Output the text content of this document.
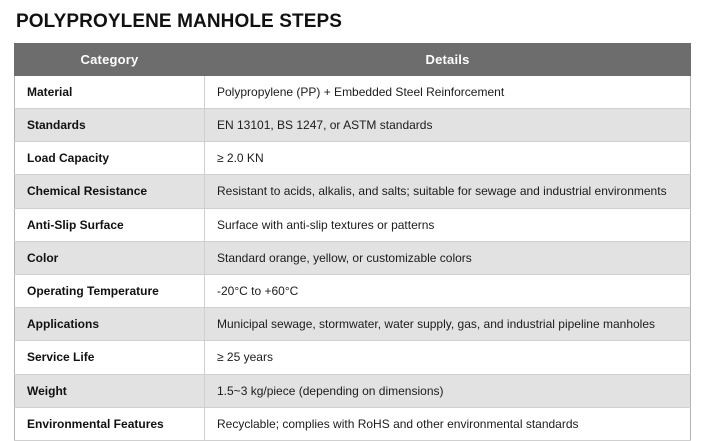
POLYPROYLENE MANHOLE STEPS
Category	Details
Material	Polypropylene (PP) + Embedded Steel Reinforcement
Standards	EN 13101, BS 1247, or ASTM standards
Load Capacity	≥ 2.0 KN
Chemical Resistance	Resistant to acids, alkalis, and salts; suitable for sewage and industrial environments
Anti-Slip Surface	Surface with anti-slip textures or patterns
Color	Standard orange, yellow, or customizable colors
Operating Temperature	-20°C to +60°C
Applications	Municipal sewage, stormwater, water supply, gas, and industrial pipeline manholes
Service Life	≥ 25 years
Weight	1.5~3 kg/piece (depending on dimensions)
Environmental Features	Recyclable; complies with RoHS and other environmental standards
